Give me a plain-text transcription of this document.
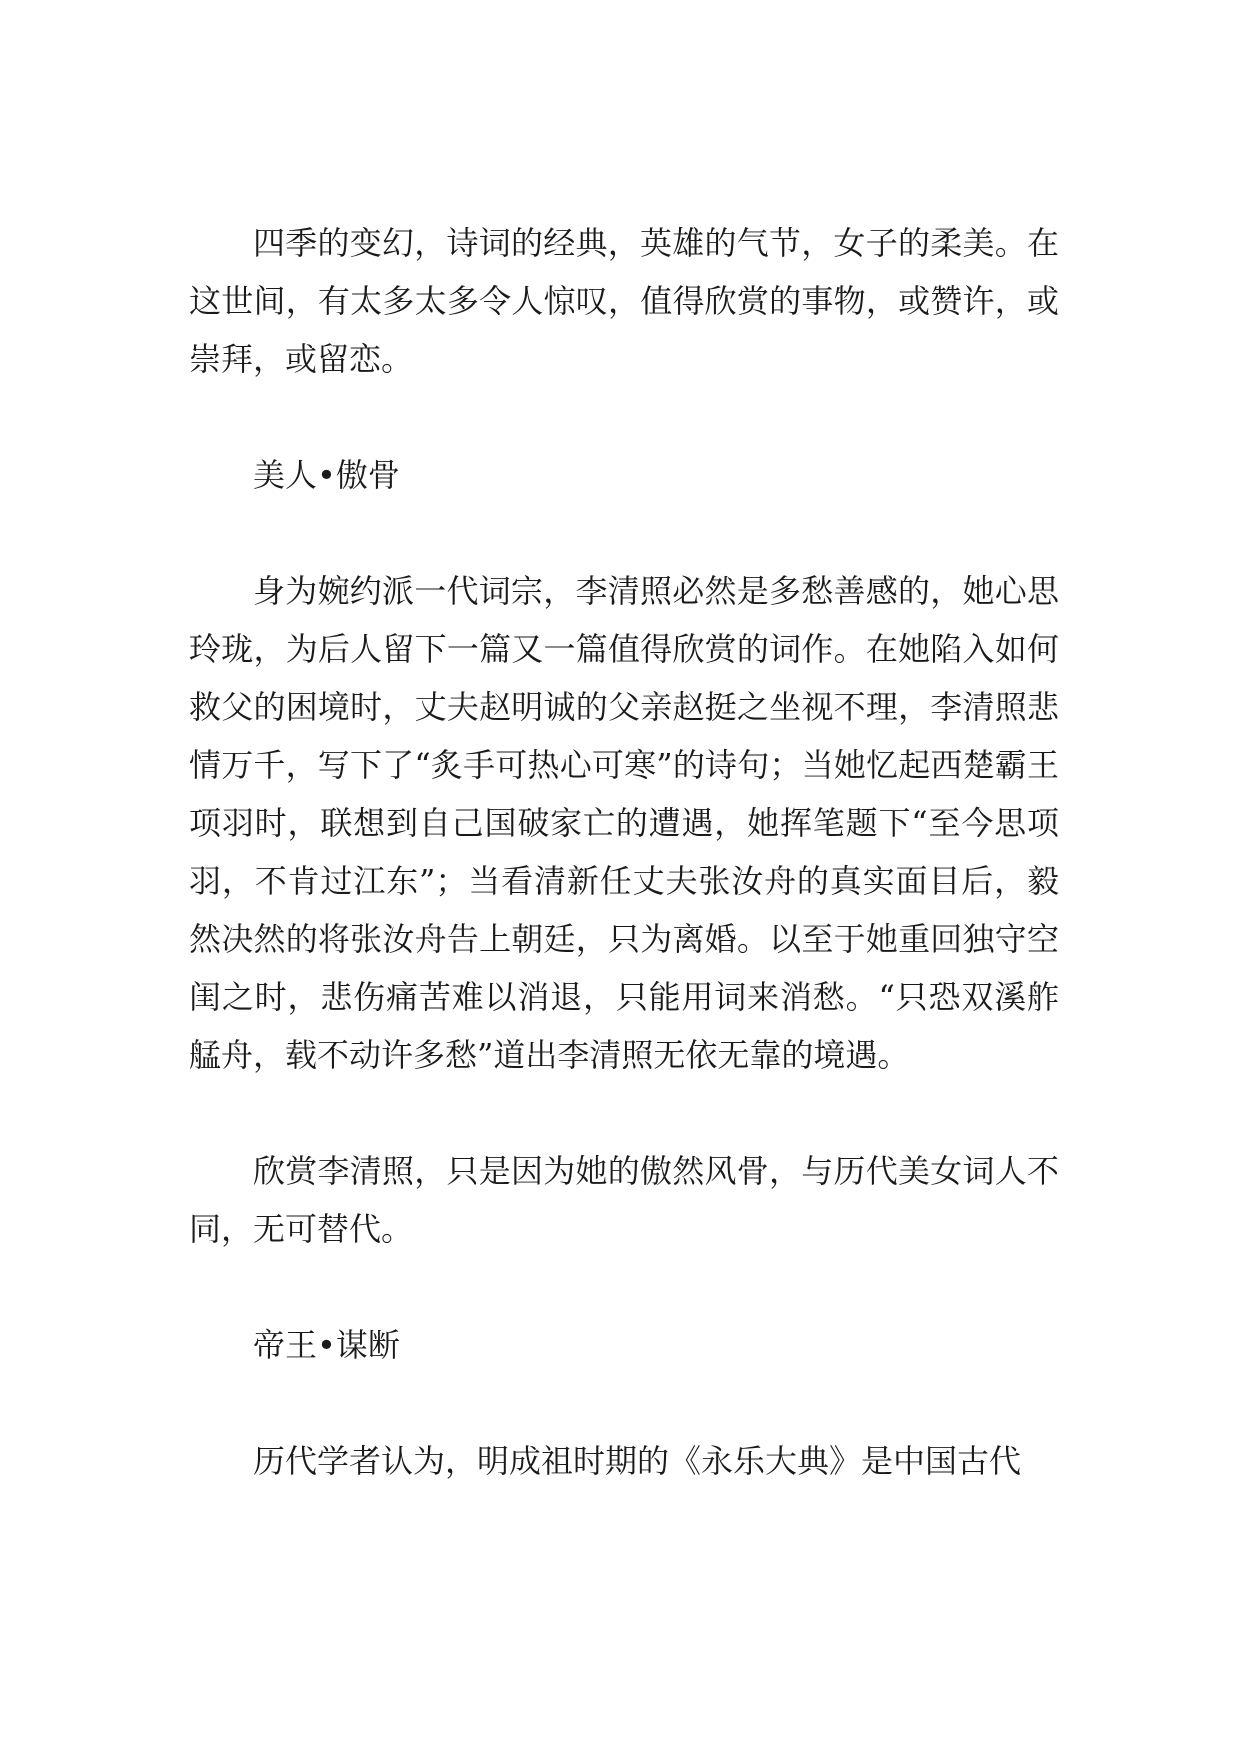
四季的变幻，诗词的经典，英雄的气节，女子的柔美。在这世间，有太多太多令人惊叹，值得欣赏的事物，或赞许，或崇拜，或留恋。

美人•傲骨

身为婉约派一代词宗，李清照必然是多愁善感的，她心思玲珑，为后人留下一篇又一篇值得欣赏的词作。在她陷入如何救父的困境时，丈夫赵明诚的父亲赵挺之坐视不理，李清照悲情万千，写下了“炙手可热心可寒”的诗句；当她忆起西楚霸王项羽时，联想到自己国破家亡的遭遇，她挥笔题下“至今思项羽，不肯过江东”；当看清新任丈夫张汝舟的真实面目后，毅然决然的将张汝舟告上朝廷，只为离婚。以至于她重回独守空闺之时，悲伤痛苦难以消退，只能用词来消愁。“只恐双溪舴艋舟，载不动许多愁”道出李清照无依无靠的境遇。

欣赏李清照，只是因为她的傲然风骨，与历代美女词人不同，无可替代。

帝王•谋断

历代学者认为，明成祖时期的《永乐大典》是中国古代
